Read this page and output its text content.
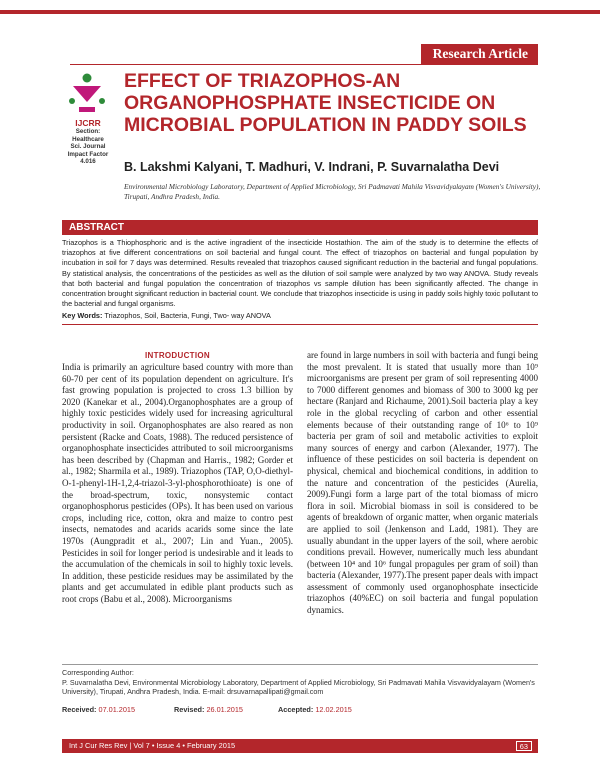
Research Article
IJCRR
Section: Healthcare
Sci. Journal
Impact Factor
4.016
EFFECT OF TRIAZOPHOS-AN ORGANOPHOSPHATE INSECTICIDE ON MICROBIAL POPULATION IN PADDY SOILS
B. Lakshmi Kalyani, T. Madhuri, V. Indrani, P. Suvarnalatha Devi
Environmental Microbiology Laboratory, Department of Applied Microbiology, Sri Padmavati Mahila Visvavidyalayam (Women's University), Tirupati, Andhra Pradesh, India.
ABSTRACT

Triazophos is a Thiophosphoric and is the active ingradient of the insecticide Hostathion. The aim of the study is to determine the effects of triazophos at five different concentrations on soil bacterial and fungal count. The effect of triazophos on bacterial and fungal population by incubation in soil for 7 days was determined. Results revealed that triazophos caused significant reduction in the bacterial and fungal populations. By statistical analysis, the concentrations of the pesticides as well as the dilution of soil sample were analyzed by two way ANOVA. Study reveals that both bacterial and fungal population the concentration of triazophos vs sample dilution has been significantly affected. The change in concentration brought significant reduction in bacterial count. We conclude that triazophos insecticide is using in paddy soils highly toxic pollutant to the bacterial and fungal organisms.

Key Words: Triazophos, Soil, Bacteria, Fungi, Two- way ANOVA
INTRODUCTION

India is primarily an agriculture based country with more than 60-70 per cent of its population dependent on agriculture. It's fast growing population is projected to cross 1.3 billion by 2020 (Kanekar et al., 2004).Organophosphates are a group of highly toxic pesticides widely used for increasing agricultural productivity in soil. Organophosphates are also reared as non persistent (Racke and Coats, 1988). The reduced persistence of organophosphate insecticides attributed to soil microorganisms has been described by (Chapman and Harris., 1982; Gorder et al., 1982; Sharmila et al., 1989). Triazophos (TAP, O,O-diethyl-O-1-phenyl-1H-1,2,4-triazol-3-yl-phosphorothioate) is one of the broad-spectrum, toxic, nonsystemic contact organophosphorus pesticides (OPs). It has been used on various crops, including rice, cotton, okra and maize to contro pest insects, nematodes and acarids acarids some since the late 1970s (Aungpradit et al., 2007; Lin and Yuan., 2005). Pesticides in soil for longer period is undesirable and it leads to the accumulation of the chemicals in soil to highly toxic levels. In addition, these pesticide residues may be assimilated by the plants and get accumulated in edible plant products such as root crops (Babu et al., 2008). Microorganisms

are found in large numbers in soil with bacteria and fungi being the most prevalent. It is stated that usually more than 10⁹ microorganisms are present per gram of soil representing 4000 to 7000 different genomes and biomass of 300 to 3000 kg per hectare (Ranjard and Richaume, 2001).Soil bacteria play a key role in the global recycling of carbon and other essential elements because of their outstanding range of 10⁶ to 10⁹ bacteria per gram of soil and metabolic activities to exploit many sources of energy and carbon (Alexander, 1977). The influence of these pesticides on soil bacteria is dependent on physical, chemical and biochemical conditions, in addition to the nature and concentration of the pesticides (Aurelia, 2009).Fungi form a large part of the total biomass of micro flora in soil. Microbial biomass in soil is considered to be agents of breakdown of organic matter, when organic materials are applied to soil (Jenkenson and Ladd, 1981). They are usually abundant in the upper layers of the soil, where aerobic conditions prevail. However, numerically much less abundant (between 10⁴ and 10⁶ fungal propagules per gram of soil) than bacteria (Alexander, 1977).The present paper deals with impact assessment of commonly used organophosphate insecticide triazophos (40%EC) on soil bacteria and fungal population dynamics.

Corresponding Author:
P. Suvarnalatha Devi, Environmental Microbiology Laboratory, Department of Applied Microbiology, Sri Padmavati Mahila Visvavidyalayam (Women's University), Tirupati, Andhra Pradesh, India. E-mail: drsuvarnapallipati@gmail.com
Received: 07.01.2015	Revised: 26.01.2015	Accepted: 12.02.2015
Int J Cur Res Rev | Vol 7 • Issue 4 • February 2015	63
